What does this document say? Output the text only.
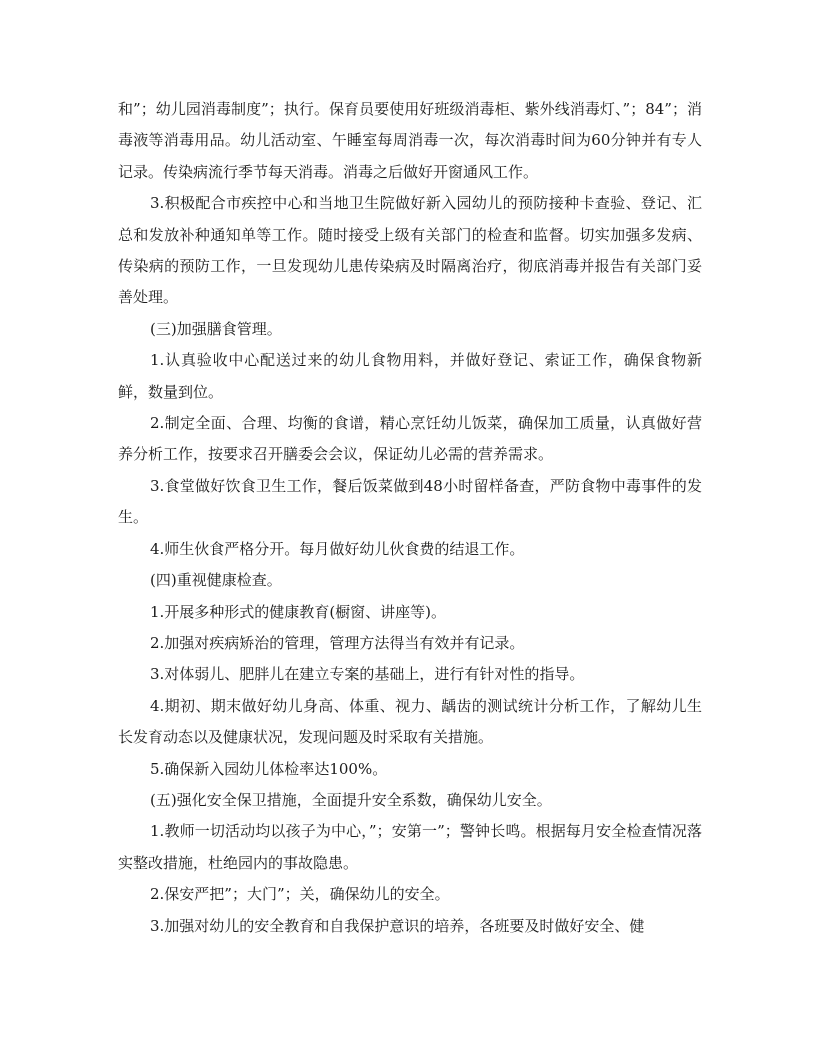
和”；幼儿园消毒制度”；执行。保育员要使用好班级消毒柜、紫外线消毒灯、”；84”；消毒液等消毒用品。幼儿活动室、午睡室每周消毒一次，每次消毒时间为60分钟并有专人记录。传染病流行季节每天消毒。消毒之后做好开窗通风工作。

3.积极配合市疾控中心和当地卫生院做好新入园幼儿的预防接种卡查验、登记、汇总和发放补种通知单等工作。随时接受上级有关部门的检查和监督。切实加强多发病、传染病的预防工作，一旦发现幼儿患传染病及时隔离治疗，彻底消毒并报告有关部门妥善处理。

(三)加强膳食管理。

1.认真验收中心配送过来的幼儿食物用料，并做好登记、索证工作，确保食物新鲜，数量到位。

2.制定全面、合理、均衡的食谱，精心烹饪幼儿饭菜，确保加工质量，认真做好营养分析工作，按要求召开膳委会会议，保证幼儿必需的营养需求。

3.食堂做好饮食卫生工作，餐后饭菜做到48小时留样备查，严防食物中毒事件的发生。

4.师生伙食严格分开。每月做好幼儿伙食费的结退工作。

(四)重视健康检查。

1.开展多种形式的健康教育(橱窗、讲座等)。

2.加强对疾病矫治的管理，管理方法得当有效并有记录。

3.对体弱儿、肥胖儿在建立专案的基础上，进行有针对性的指导。

4.期初、期末做好幼儿身高、体重、视力、龋齿的测试统计分析工作，了解幼儿生长发育动态以及健康状况，发现问题及时采取有关措施。

5.确保新入园幼儿体检率达100%。

(五)强化安全保卫措施，全面提升安全系数，确保幼儿安全。

1.教师一切活动均以孩子为中心，”；安第一”；警钟长鸣。根据每月安全检查情况落实整改措施，杜绝园内的事故隐患。

2.保安严把”；大门”；关，确保幼儿的安全。

3.加强对幼儿的安全教育和自我保护意识的培养，各班要及时做好安全、健
